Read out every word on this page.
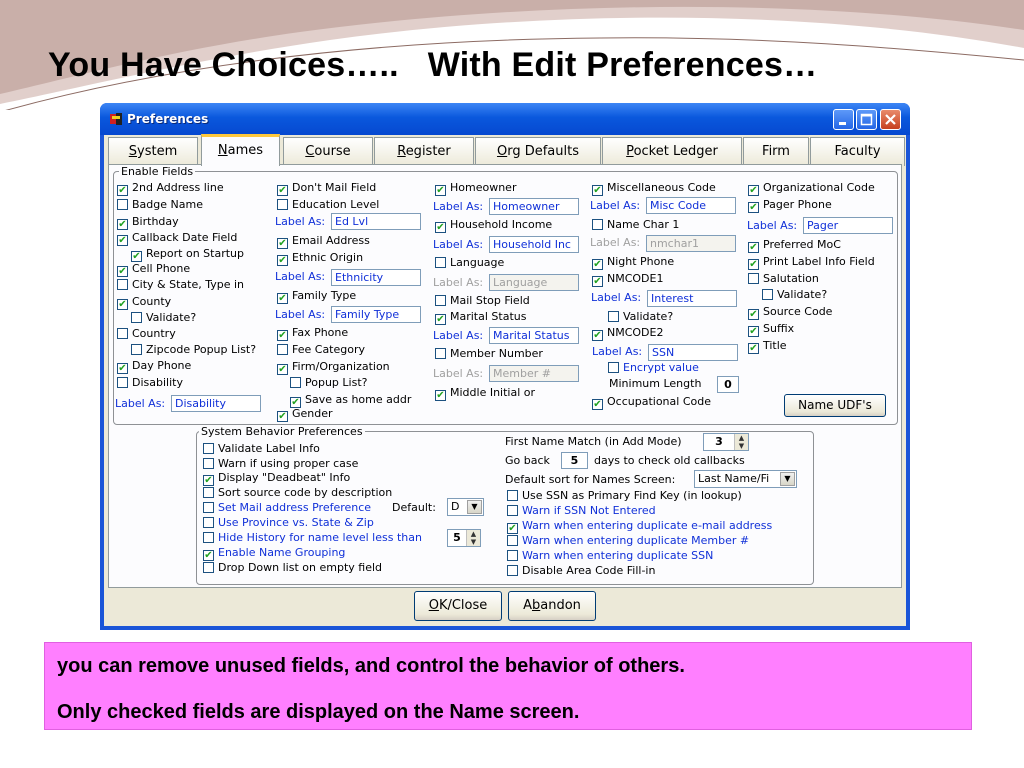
You Have Choices…..   With Edit Preferences…
Preferences
System	Names	Course	Register	Org Defaults	Pocket Ledger	Firm	Faculty
Enable Fields
✔ 2nd Address line
Badge Name
✔ Birthday
✔ Callback Date Field
✔ Report on Startup
✔ Cell Phone
City & State, Type in
✔ County
Validate?
Country
Zipcode Popup List?
✔ Day Phone
Disability
Label As: Disability
✔ Don't Mail Field
Education Level
Label As: Ed Lvl
✔ Email Address
✔ Ethnic Origin
Label As: Ethnicity
✔ Family Type
Label As: Family Type
✔ Fax Phone
Fee Category
✔ Firm/Organization
Popup List?
✔ Save as home addr
✔ Gender
✔ Homeowner
Label As: Homeowner
✔ Household Income
Label As: Household Inc
Language
Label As: Language
Mail Stop Field
✔ Marital Status
Label As: Marital Status
Member Number
Label As: Member #
✔ Middle Initial or
✔ Miscellaneous Code
Label As: Misc Code
Name Char 1
Label As: nmchar1
✔ Night Phone
✔ NMCODE1
Label As: Interest
Validate?
✔ NMCODE2
Label As: SSN
Encrypt value
Minimum Length	0
✔ Occupational Code
✔ Organizational Code
✔ Pager Phone
Label As: Pager
✔ Preferred MoC
✔ Print Label Info Field
Salutation
Validate?
✔ Source Code
✔ Suffix
✔ Title
Name UDF's
System Behavior Preferences
Validate Label Info
Warn if using proper case
✔ Display "Deadbeat" Info
Sort source code by description
Set Mail address Preference Default: D	▼
Use Province vs. State & Zip
Hide History for name level less than	5	▲
▼
✔ Enable Name Grouping
Drop Down list on empty field
First Name Match (in Add Mode)	3	▲
▼
Go back	5	days to check old callbacks
Default sort for Names Screen: Last Name/Fi	▼
Use SSN as Primary Find Key (in lookup)
Warn if SSN Not Entered
✔ Warn when entering duplicate e-mail address
Warn when entering duplicate Member #
Warn when entering duplicate SSN
Disable Area Code Fill-in
OK/Close	Abandon
you can remove unused fields, and control the behavior of others.
Only checked fields are displayed on the Name screen.
